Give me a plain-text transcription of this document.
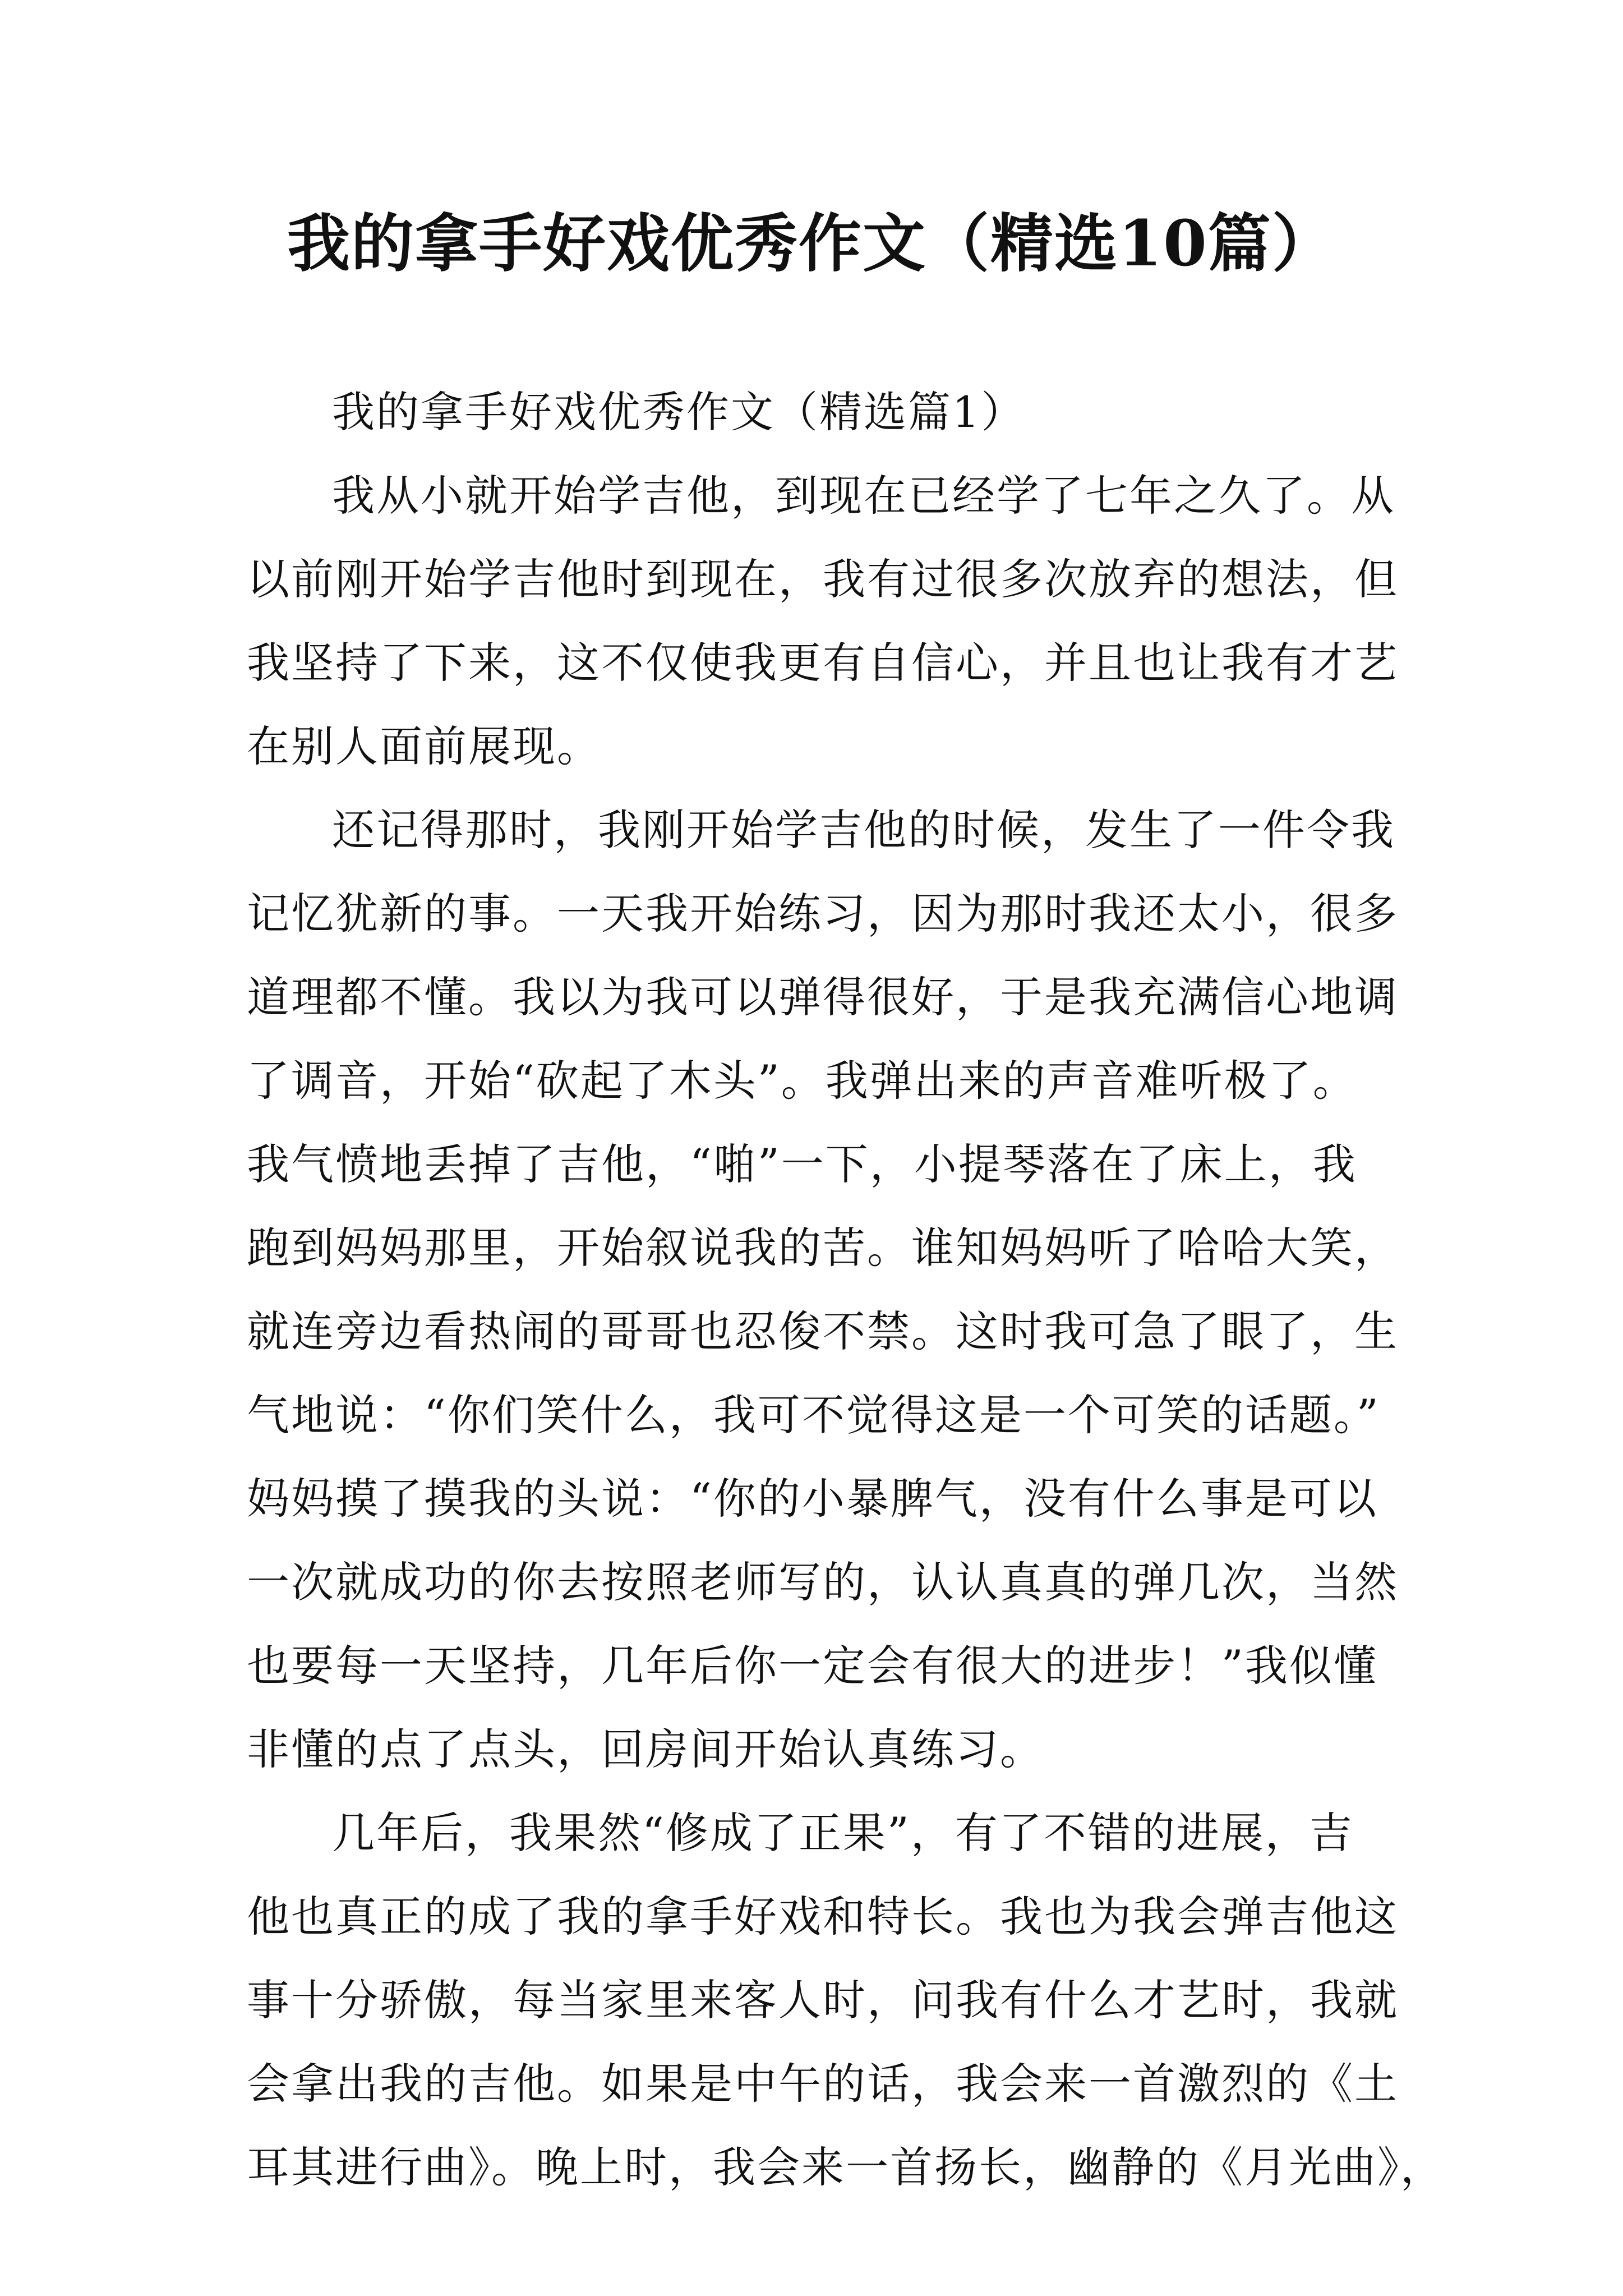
我的拿手好戏优秀作文（精选10篇）
我的拿手好戏优秀作文（精选篇1）
我从小就开始学吉他，到现在已经学了七年之久了。从
以前刚开始学吉他时到现在，我有过很多次放弃的想法，但
我坚持了下来，这不仅使我更有自信心，并且也让我有才艺
在别人面前展现。
还记得那时，我刚开始学吉他的时候，发生了一件令我
记忆犹新的事。一天我开始练习，因为那时我还太小，很多
道理都不懂。我以为我可以弹得很好，于是我充满信心地调
了调音，开始“砍起了木头”。我弹出来的声音难听极了。
我气愤地丢掉了吉他，“啪”一下，小提琴落在了床上，我
跑到妈妈那里，开始叙说我的苦。谁知妈妈听了哈哈大笑，
就连旁边看热闹的哥哥也忍俊不禁。这时我可急了眼了，生
气地说：“你们笑什么，我可不觉得这是一个可笑的话题。”
妈妈摸了摸我的头说：“你的小暴脾气，没有什么事是可以
一次就成功的你去按照老师写的，认认真真的弹几次，当然
也要每一天坚持，几年后你一定会有很大的进步！”我似懂
非懂的点了点头，回房间开始认真练习。
几年后，我果然“修成了正果”，有了不错的进展，吉
他也真正的成了我的拿手好戏和特长。我也为我会弹吉他这
事十分骄傲，每当家里来客人时，问我有什么才艺时，我就
会拿出我的吉他。如果是中午的话，我会来一首激烈的《土
耳其进行曲》。晚上时，我会来一首扬长，幽静的《月光曲》，
